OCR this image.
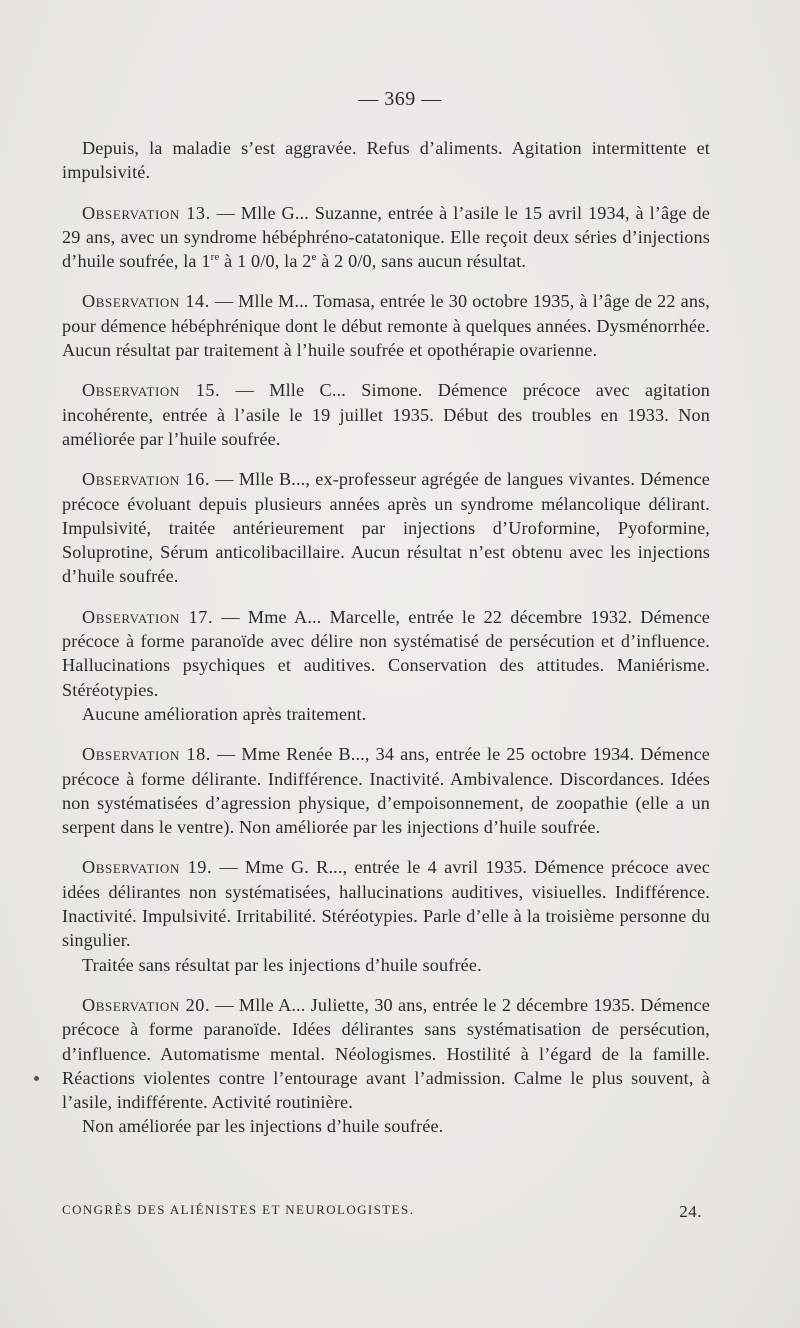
— 369 —

Depuis, la maladie s’est aggravée. Refus d’aliments. Agitation intermittente et impulsivité.

Observation 13. — Mlle G... Suzanne, entrée à l’asile le 15 avril 1934, à l’âge de 29 ans, avec un syndrome hébéphréno-catatonique. Elle reçoit deux séries d’injections d’huile soufrée, la 1re à 1 0/0, la 2e à 2 0/0, sans aucun résultat.

Observation 14. — Mlle M... Tomasa, entrée le 30 octobre 1935, à l’âge de 22 ans, pour démence hébéphrénique dont le début remonte à quelques années. Dysménorrhée. Aucun résultat par traitement à l’huile soufrée et opothérapie ovarienne.

Observation 15. — Mlle C... Simone. Démence précoce avec agitation incohérente, entrée à l’asile le 19 juillet 1935. Début des troubles en 1933. Non améliorée par l’huile soufrée.

Observation 16. — Mlle B..., ex-professeur agrégée de langues vivantes. Démence précoce évoluant depuis plusieurs années après un syndrome mélancolique délirant. Impulsivité, traitée antérieurement par injections d’Uroformine, Pyoformine, Soluprotine, Sérum anticolibacillaire. Aucun résultat n’est obtenu avec les injections d’huile soufrée.

Observation 17. — Mme A... Marcelle, entrée le 22 décembre 1932. Démence précoce à forme paranoïde avec délire non systématisé de persécution et d’influence. Hallucinations psychiques et auditives. Conservation des attitudes. Maniérisme. Stéréotypies.

Aucune amélioration après traitement.

Observation 18. — Mme Renée B..., 34 ans, entrée le 25 octobre 1934. Démence précoce à forme délirante. Indifférence. Inactivité. Ambivalence. Discordances. Idées non systématisées d’agression physique, d’empoisonnement, de zoopathie (elle a un serpent dans le ventre). Non améliorée par les injections d’huile soufrée.

Observation 19. — Mme G. R..., entrée le 4 avril 1935. Démence précoce avec idées délirantes non systématisées, hallucinations auditives, visiuelles. Indifférence. Inactivité. Impulsivité. Irritabilité. Stéréotypies. Parle d’elle à la troisième personne du singulier.

Traitée sans résultat par les injections d’huile soufrée.

Observation 20. — Mlle A... Juliette, 30 ans, entrée le 2 décembre 1935. Démence précoce à forme paranoïde. Idées délirantes sans systématisation de persécution, d’influence. Automatisme mental. Néologismes. Hostilité à l’égard de la famille. Réactions violentes contre l’entourage avant l’admission. Calme le plus souvent, à l’asile, indifférente. Activité routinière.

Non améliorée par les injections d’huile soufrée.

CONGRÈS DES ALIÉNISTES ET NEUROLOGISTES.	24.
